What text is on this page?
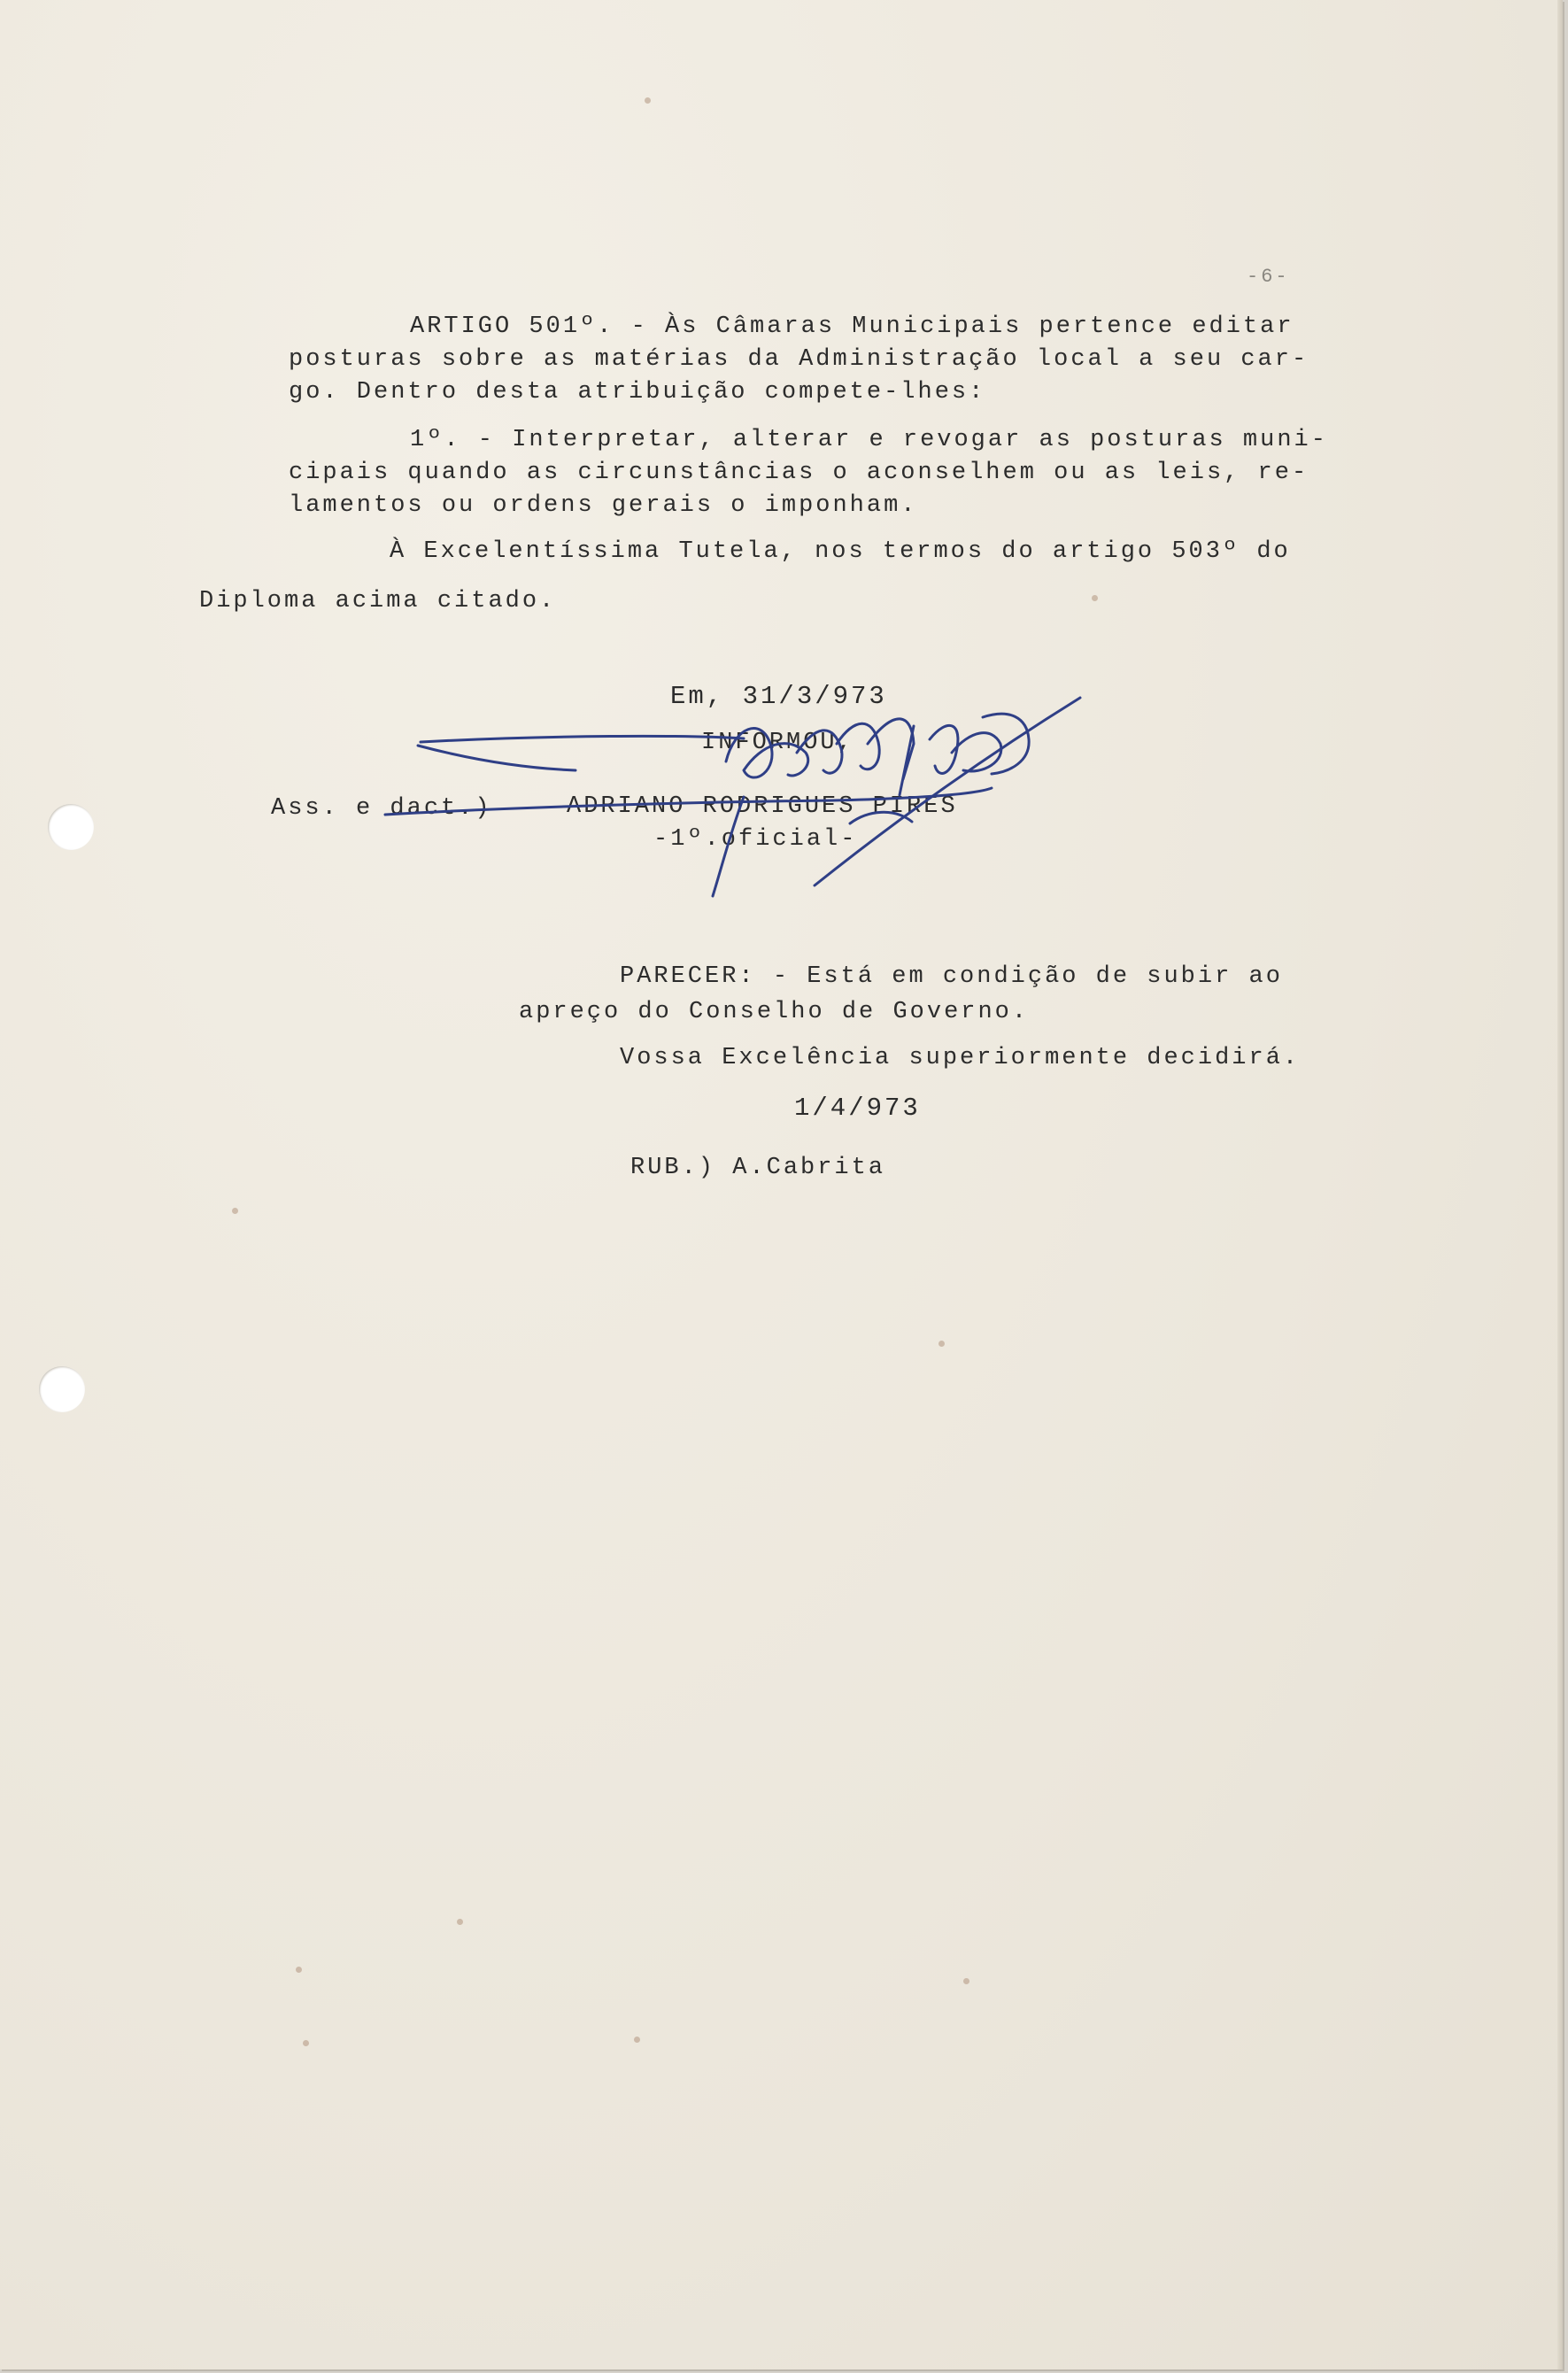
-6-
ARTIGO 501º. - Às Câmaras Municipais pertence editar
posturas sobre as matérias da Administração local a seu car-
go. Dentro desta atribuição compete-lhes:
1º. - Interpretar, alterar e revogar as posturas muni-
cipais quando as circunstâncias o aconselhem ou as leis, re-
lamentos ou ordens gerais o imponham.
À Excelentíssima Tutela, nos termos do artigo 503º do
Diploma acima citado.
Em, 31/3/973
INFORMOU,
Ass. e dact.)	ADRIANO RODRIGUES PIRES
-1º.oficial-
PARECER: - Está em condição de subir ao
apreço do Conselho de Governo.
Vossa Excelência superiormente decidirá.
1/4/973
RUB.) A.Cabrita
